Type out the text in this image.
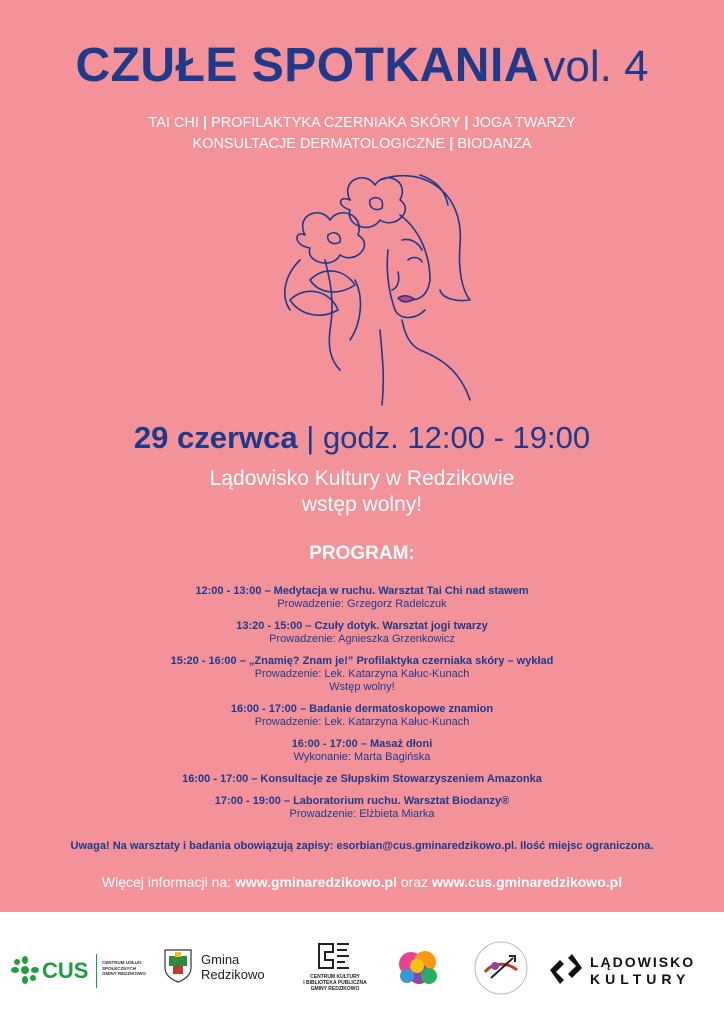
CZUŁE SPOTKANIA vol. 4
TAI CHI | PROFILAKTYKA CZERNIAKA SKÓRY | JOGA TWARZY
KONSULTACJE DERMATOLOGICZNE | BIODANZA
29 czerwca | godz. 12:00 - 19:00
Lądowisko Kultury w Redzikowie
wstęp wolny!
PROGRAM:
12:00 - 13:00 – Medytacja w ruchu. Warsztat Tai Chi nad stawem
Prowadzenie: Grzegorz Radelczuk
13:20 - 15:00 – Czuły dotyk. Warsztat jogi twarzy
Prowadzenie: Agnieszka Grzenkowicz
15:20 - 16:00 – „Znamię? Znam je!” Profilaktyka czerniaka skóry – wykład
Prowadzenie: Lek. Katarzyna Kałuc-Kunach
Wstęp wolny!
16:00 - 17:00 – Badanie dermatoskopowe znamion
Prowadzenie: Lek. Katarzyna Kałuc-Kunach
16:00 - 17:00 – Masaż dłoni
Wykonanie: Marta Bagińska
16:00 - 17:00 – Konsultacje ze Słupskim Stowarzyszeniem Amazonka
17:00 - 19:00 – Laboratorium ruchu. Warsztat Biodanzy®
Prowadzenie: Elżbieta Miarka
Uwaga! Na warsztaty i badania obowiązują zapisy: esorbian@cus.gminaredzikowo.pl. Ilość miejsc ograniczona.
Więcej informacji na: www.gminaredzikowo.pl oraz www.cus.gminaredzikowo.pl
CUS	CENTRUM USŁUG
SPOŁECZNYCH
GMINY REDZIKOWO
Gmina
Redzikowo	CENTRUM KULTURY
I BIBLIOTEKA PUBLICZNA
GMINY REDZIKOWO
LĄDOWISKO
KULTURY
